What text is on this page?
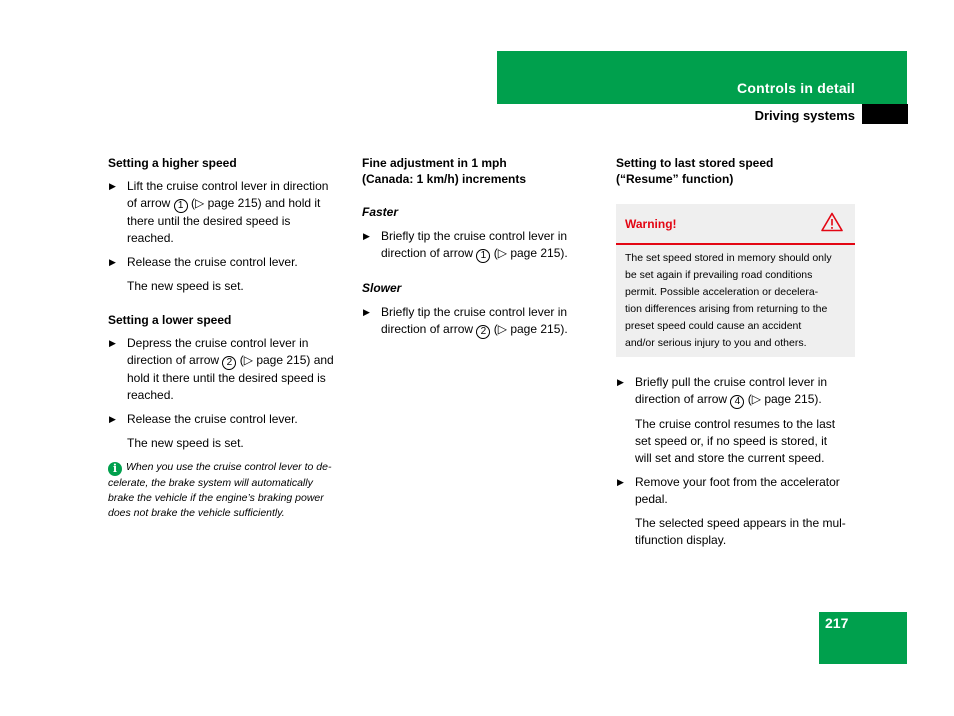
Controls in detail
Driving systems
Setting a higher speed
▶ Lift the cruise control lever in direction
of arrow 1 (▷ page 215) and hold it
there until the desired speed is
reached.
▶ Release the cruise control lever.

The new speed is set.

Setting a lower speed
▶ Depress the cruise control lever in
direction of arrow 2 (▷ page 215) and
hold it there until the desired speed is
reached.
▶ Release the cruise control lever.

The new speed is set.

i When you use the cruise control lever to de-
celerate, the brake system will automatically
brake the vehicle if the engine’s braking power
does not brake the vehicle sufficiently.
Fine adjustment in 1 mph
(Canada: 1 km/h) increments
Faster
▶ Briefly tip the cruise control lever in
direction of arrow 1 (▷ page 215).
Slower
▶ Briefly tip the cruise control lever in
direction of arrow 2 (▷ page 215).
Setting to last stored speed
(“Resume” function)
Warning!
The set speed stored in memory should only
be set again if prevailing road conditions
permit. Possible acceleration or decelera-
tion differences arising from returning to the
preset speed could cause an accident
and/or serious injury to you and others.
▶ Briefly pull the cruise control lever in
direction of arrow 4 (▷ page 215).

The cruise control resumes to the last
set speed or, if no speed is stored, it
will set and store the current speed.

▶ Remove your foot from the accelerator
pedal.

The selected speed appears in the mul-
tifunction display.

217
